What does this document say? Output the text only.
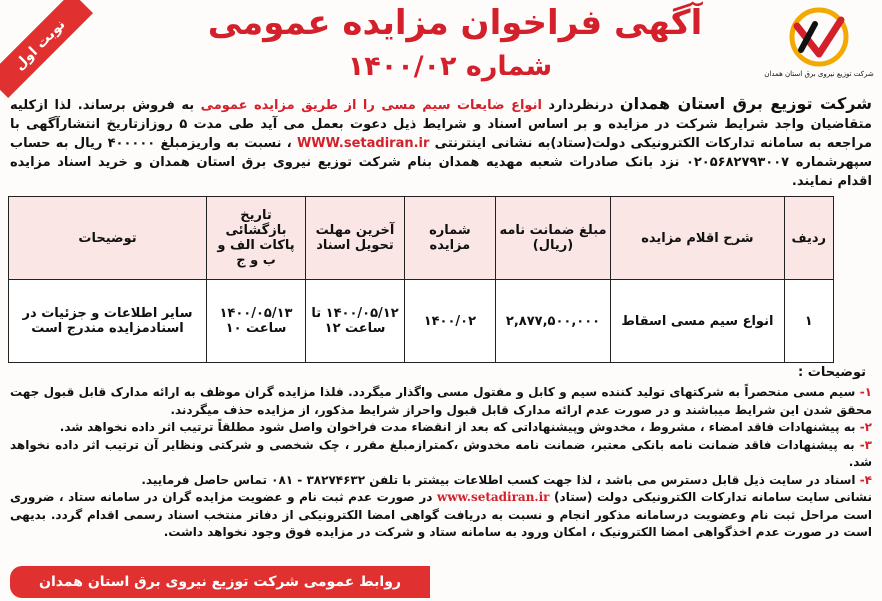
نوبت اول	آگهی فراخوان مزایده عمومی
شماره ۱۴۰۰/۰۲	شرکت توزیع نیروی برق استان همدان
شرکت توزیع برق استان همدان درنظردارد انواع ضایعات سیم مسی را از طریق مزایده عمومی به فروش برساند. لذا ازکلیه متقاضیان واجد شرایط شرکت در مزایده و بر اساس اسناد و شرایط ذیل دعوت بعمل می آید طی مدت ۵ روزازتاریخ انتشارآگهی با مراجعه به سامانه تدارکات الکترونیکی دولت(ستاد)به نشانی اینترنتی WWW.setadiran.ir ، نسبت به واریزمبلغ ۴۰۰۰۰۰ ریال به حساب سپهرشماره ۰۲۰۵۶۸۲۷۹۳۰۰۷ نزد بانک صادرات شعبه مهدیه همدان بنام شرکت توزیع نیروی برق استان همدان و خرید اسناد مزایده اقدام نمایند.
ردیف	شرح اقلام مزایده	مبلغ ضمانت نامه (ریال)	شماره مزایده	آخرین مهلت تحویل اسناد	تاریخ بازگشائی پاکات الف و ب و ج	توضیحات
۱	انواع سیم مسی اسقاط	۲,۸۷۷,۵۰۰,۰۰۰	۱۴۰۰/۰۲	۱۴۰۰/۰۵/۱۲ تا ساعت ۱۲	۱۴۰۰/۰۵/۱۳ ساعت ۱۰	سایر اطلاعات و جزئیات در اسنادمزایده مندرج است
توضیحات :

۱- سیم مسی منحصراً به شرکتهای تولید کننده سیم و کابل و مفتول مسی واگذار میگردد. فلذا مزایده گران موظف به ارائه مدارک قابل قبول جهت محقق شدن این شرایط میباشند و در صورت عدم ارائه مدارک قابل قبول واحراز شرایط مذکور، از مزایده حذف میگردند.

۲- به پیشنهادات فاقد امضاء ، مشروط ، مخدوش وپیشنهاداتی که بعد از انقضاء مدت فراخوان واصل شود مطلقاً ترتیب اثر داده نخواهد شد.

۳- به پیشنهادات فاقد ضمانت نامه بانکی معتبر، ضمانت نامه مخدوش ،کمترازمبلغ مقرر ، چک شخصی و شرکتی ونظایر آن ترتیب اثر داده نخواهد شد.

۴- اسناد در سایت ذیل قابل دسترس می باشد ، لذا جهت کسب اطلاعات بیشتر با تلفن ۳۸۲۷۴۶۳۲ - ۰۸۱ تماس حاصل فرمایید.

نشانی سایت سامانه تدارکات الکترونیکی دولت (ستاد) www.setadiran.ir در صورت عدم ثبت نام و عضویت مزایده گران در سامانه ستاد ، ضروری است مراحل ثبت نام وعضویت درسامانه مذکور انجام و نسبت به دریافت گواهی امضا الکترونیکی از دفاتر منتخب اسناد رسمی اقدام گردد. بدیهی است در صورت عدم اخذگواهی امضا الکترونیک ، امکان ورود به سامانه ستاد و شرکت در مزایده فوق وجود نخواهد داشت.

روابط عمومی شرکت توزیع نیروی برق استان همدان
